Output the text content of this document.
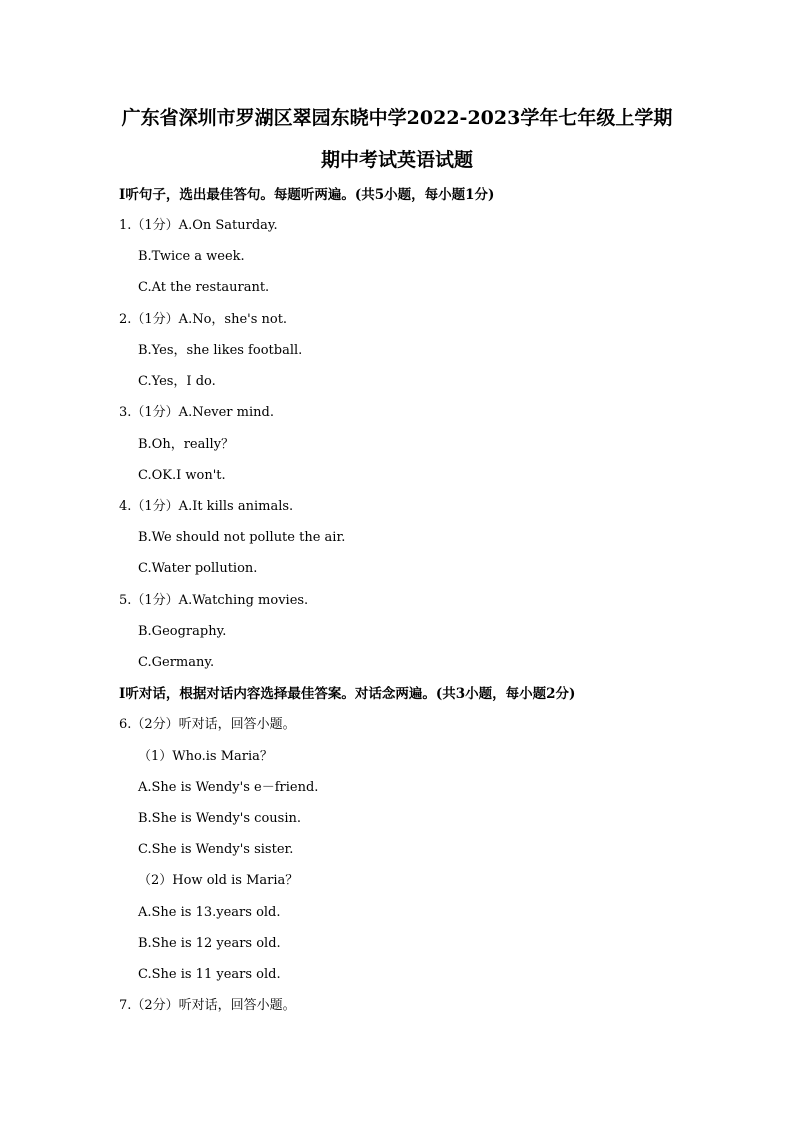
广东省深圳市罗湖区翠园东晓中学2022-2023学年七年级上学期
期中考试英语试题
I听句子，选出最佳答句。每题听两遍。(共5小题，每小题1分)
1.（1分）A.On Saturday.
B.Twice a week.
C.At the restaurant.
2.（1分）A.No，she's not.
B.Yes，she likes football.
C.Yes，I do.
3.（1分）A.Never mind.
B.Oh，really？
C.OK.I won't.
4.（1分）A.It kills animals.
B.We should not pollute the air.
C.Water pollution.
5.（1分）A.Watching movies.
B.Geography.
C.Germany.
I听对话，根据对话内容选择最佳答案。对话念两遍。(共3小题，每小题2分)
6.（2分）听对话，回答小题。
（1）Who.is Maria？
A.She is Wendy's e－friend.
B.She is Wendy's cousin.
C.She is Wendy's sister.
（2）How old is Maria？
A.She is 13.years old.
B.She is 12 years old.
C.She is 11 years old.
7.（2分）听对话，回答小题。
